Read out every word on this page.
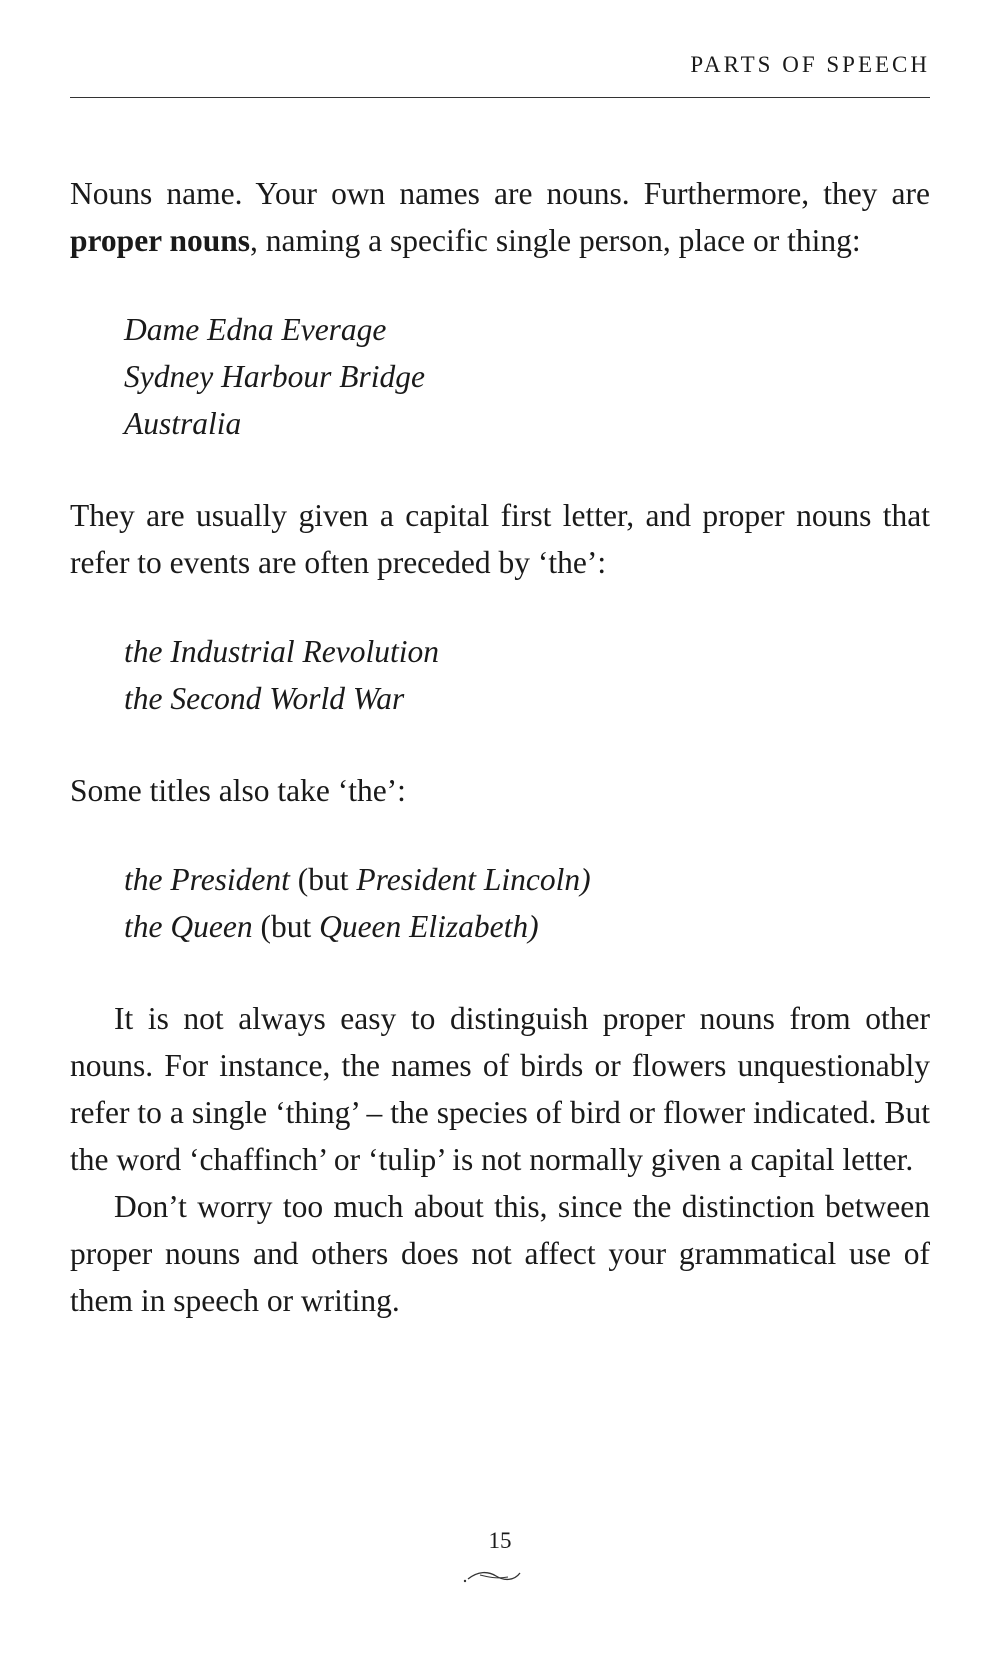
PARTS OF SPEECH

Nouns name. Your own names are nouns. Furthermore, they are proper nouns, naming a specific single person, place or thing:

Dame Edna Everage
Sydney Harbour Bridge
Australia

They are usually given a capital first letter, and proper nouns that refer to events are often preceded by ‘the’:

the Industrial Revolution
the Second World War

Some titles also take ‘the’:

the President (but President Lincoln)
the Queen (but Queen Elizabeth)

It is not always easy to distinguish proper nouns from other nouns. For instance, the names of birds or flowers unquestionably refer to a single ‘thing’ – the species of bird or flower indicated. But the word ‘chaffinch’ or ‘tulip’ is not normally given a capital letter.

Don’t worry too much about this, since the distinction between proper nouns and others does not affect your grammatical use of them in speech or writing.

15
